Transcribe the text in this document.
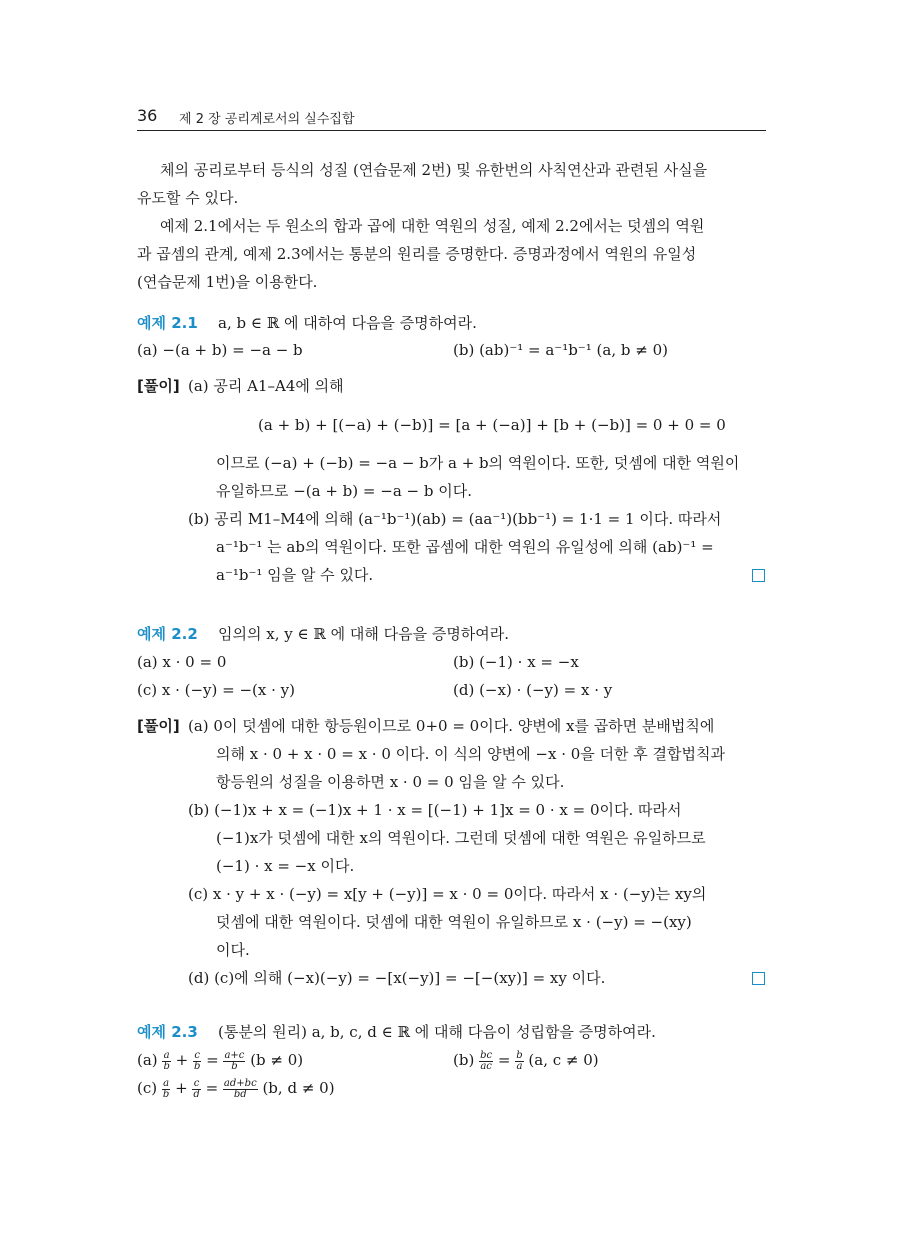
36 제 2 장 공리계로서의 실수집합
체의 공리로부터 등식의 성질 (연습문제 2번) 및 유한번의 사칙연산과 관련된 사실을
유도할 수 있다.
예제 2.1에서는 두 원소의 합과 곱에 대한 역원의 성질, 예제 2.2에서는 덧셈의 역원
과 곱셈의 관계, 예제 2.3에서는 통분의 원리를 증명한다. 증명과정에서 역원의 유일성
(연습문제 1번)을 이용한다.
예제 2.1 a, b ∈ ℝ 에 대하여 다음을 증명하여라.
(a) −(a + b) = −a − b	(b) (ab)⁻¹ = a⁻¹b⁻¹ (a, b ≠ 0)
[풀이] (a) 공리 A1–A4에 의해
(a + b) + [(−a) + (−b)] = [a + (−a)] + [b + (−b)] = 0 + 0 = 0
이므로 (−a) + (−b) = −a − b가 a + b의 역원이다. 또한, 덧셈에 대한 역원이
유일하므로 −(a + b) = −a − b 이다.
(b) 공리 M1–M4에 의해 (a⁻¹b⁻¹)(ab) = (aa⁻¹)(bb⁻¹) = 1·1 = 1 이다. 따라서
a⁻¹b⁻¹ 는 ab의 역원이다. 또한 곱셈에 대한 역원의 유일성에 의해 (ab)⁻¹ =
a⁻¹b⁻¹ 임을 알 수 있다.
예제 2.2 임의의 x, y ∈ ℝ 에 대해 다음을 증명하여라.
(a) x · 0 = 0	(b) (−1) · x = −x
(c) x · (−y) = −(x · y)	(d) (−x) · (−y) = x · y
[풀이] (a) 0이 덧셈에 대한 항등원이므로 0+0 = 0이다. 양변에 x를 곱하면 분배법칙에
의해 x · 0 + x · 0 = x · 0 이다. 이 식의 양변에 −x · 0을 더한 후 결합법칙과
항등원의 성질을 이용하면 x · 0 = 0 임을 알 수 있다.
(b) (−1)x + x = (−1)x + 1 · x = [(−1) + 1]x = 0 · x = 0이다. 따라서
(−1)x가 덧셈에 대한 x의 역원이다. 그런데 덧셈에 대한 역원은 유일하므로
(−1) · x = −x 이다.
(c) x · y + x · (−y) = x[y + (−y)] = x · 0 = 0이다. 따라서 x · (−y)는 xy의
덧셈에 대한 역원이다. 덧셈에 대한 역원이 유일하므로 x · (−y) = −(xy)
이다.
(d) (c)에 의해 (−x)(−y) = −[x(−y)] = −[−(xy)] = xy 이다.
예제 2.3 (통분의 원리) a, b, c, d ∈ ℝ 에 대해 다음이 성립함을 증명하여라.
$(a) \frac{a}{b} + \frac{c}{b} = \frac{a+c}{b} (b \ne 0)$	$(b) \frac{bc}{ac} = \frac{b}{a} (a$, c ≠ 0)
$(c) \frac{a}{b} + \frac{c}{d} = \frac{ad+bc}{bd} (b$, d ≠ 0)
